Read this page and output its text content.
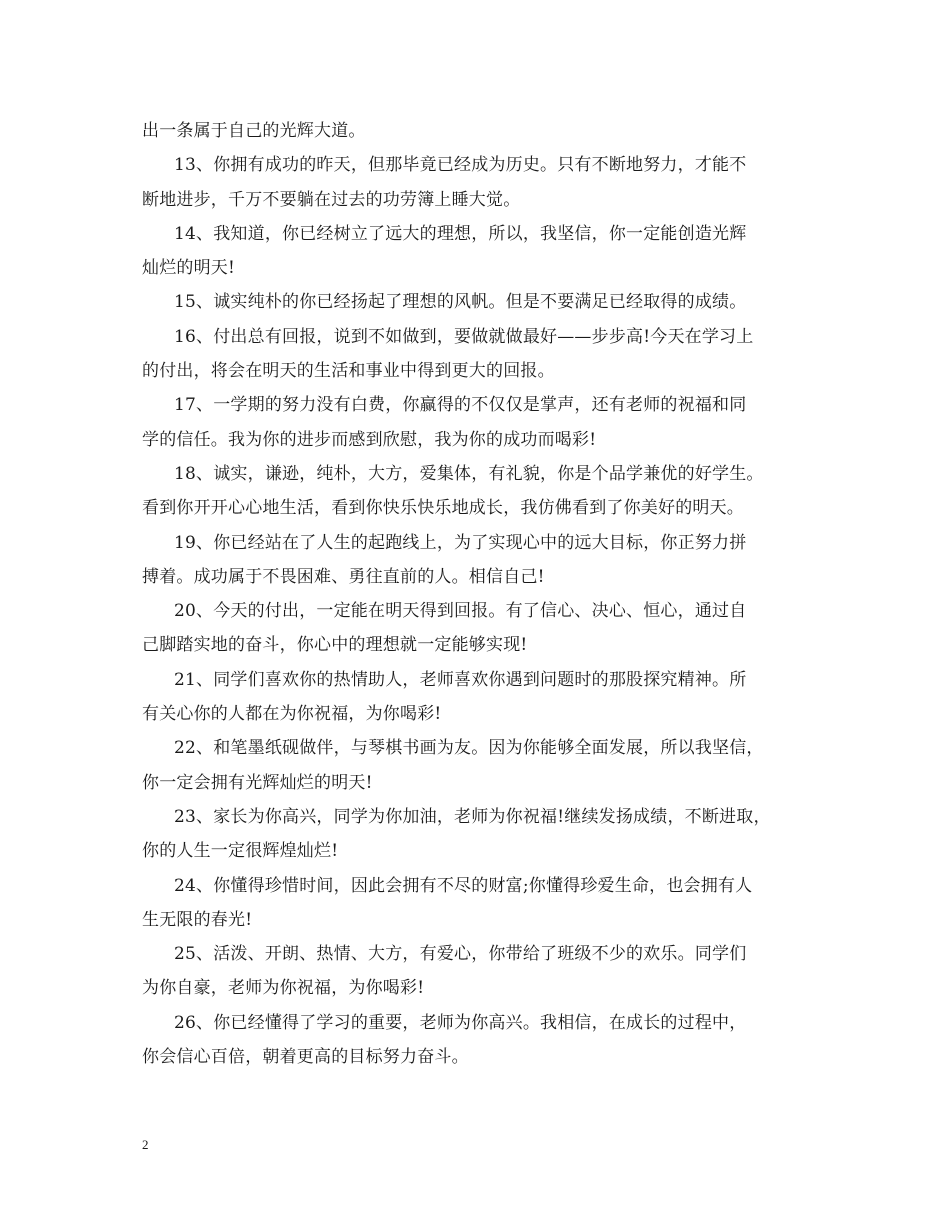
出一条属于自己的光辉大道。
13、你拥有成功的昨天，但那毕竟已经成为历史。只有不断地努力，才能不
断地进步，千万不要躺在过去的功劳簿上睡大觉。
14、我知道，你已经树立了远大的理想，所以，我坚信，你一定能创造光辉
灿烂的明天!
15、诚实纯朴的你已经扬起了理想的风帆。但是不要满足已经取得的成绩。
16、付出总有回报，说到不如做到，要做就做最好——步步高!今天在学习上
的付出，将会在明天的生活和事业中得到更大的回报。
17、一学期的努力没有白费，你赢得的不仅仅是掌声，还有老师的祝福和同
学的信任。我为你的进步而感到欣慰，我为你的成功而喝彩!
18、诚实，谦逊，纯朴，大方，爱集体，有礼貌，你是个品学兼优的好学生。
看到你开开心心地生活，看到你快乐快乐地成长，我仿佛看到了你美好的明天。
19、你已经站在了人生的起跑线上，为了实现心中的远大目标，你正努力拼
搏着。成功属于不畏困难、勇往直前的人。相信自己!
20、今天的付出，一定能在明天得到回报。有了信心、决心、恒心，通过自
己脚踏实地的奋斗，你心中的理想就一定能够实现!
21、同学们喜欢你的热情助人，老师喜欢你遇到问题时的那股探究精神。所
有关心你的人都在为你祝福，为你喝彩!
22、和笔墨纸砚做伴，与琴棋书画为友。因为你能够全面发展，所以我坚信，
你一定会拥有光辉灿烂的明天!
23、家长为你高兴，同学为你加油，老师为你祝福!继续发扬成绩，不断进取，
你的人生一定很辉煌灿烂!
24、你懂得珍惜时间，因此会拥有不尽的财富;你懂得珍爱生命，也会拥有人
生无限的春光!
25、活泼、开朗、热情、大方，有爱心，你带给了班级不少的欢乐。同学们
为你自豪，老师为你祝福，为你喝彩!
26、你已经懂得了学习的重要，老师为你高兴。我相信，在成长的过程中，
你会信心百倍，朝着更高的目标努力奋斗。
2
